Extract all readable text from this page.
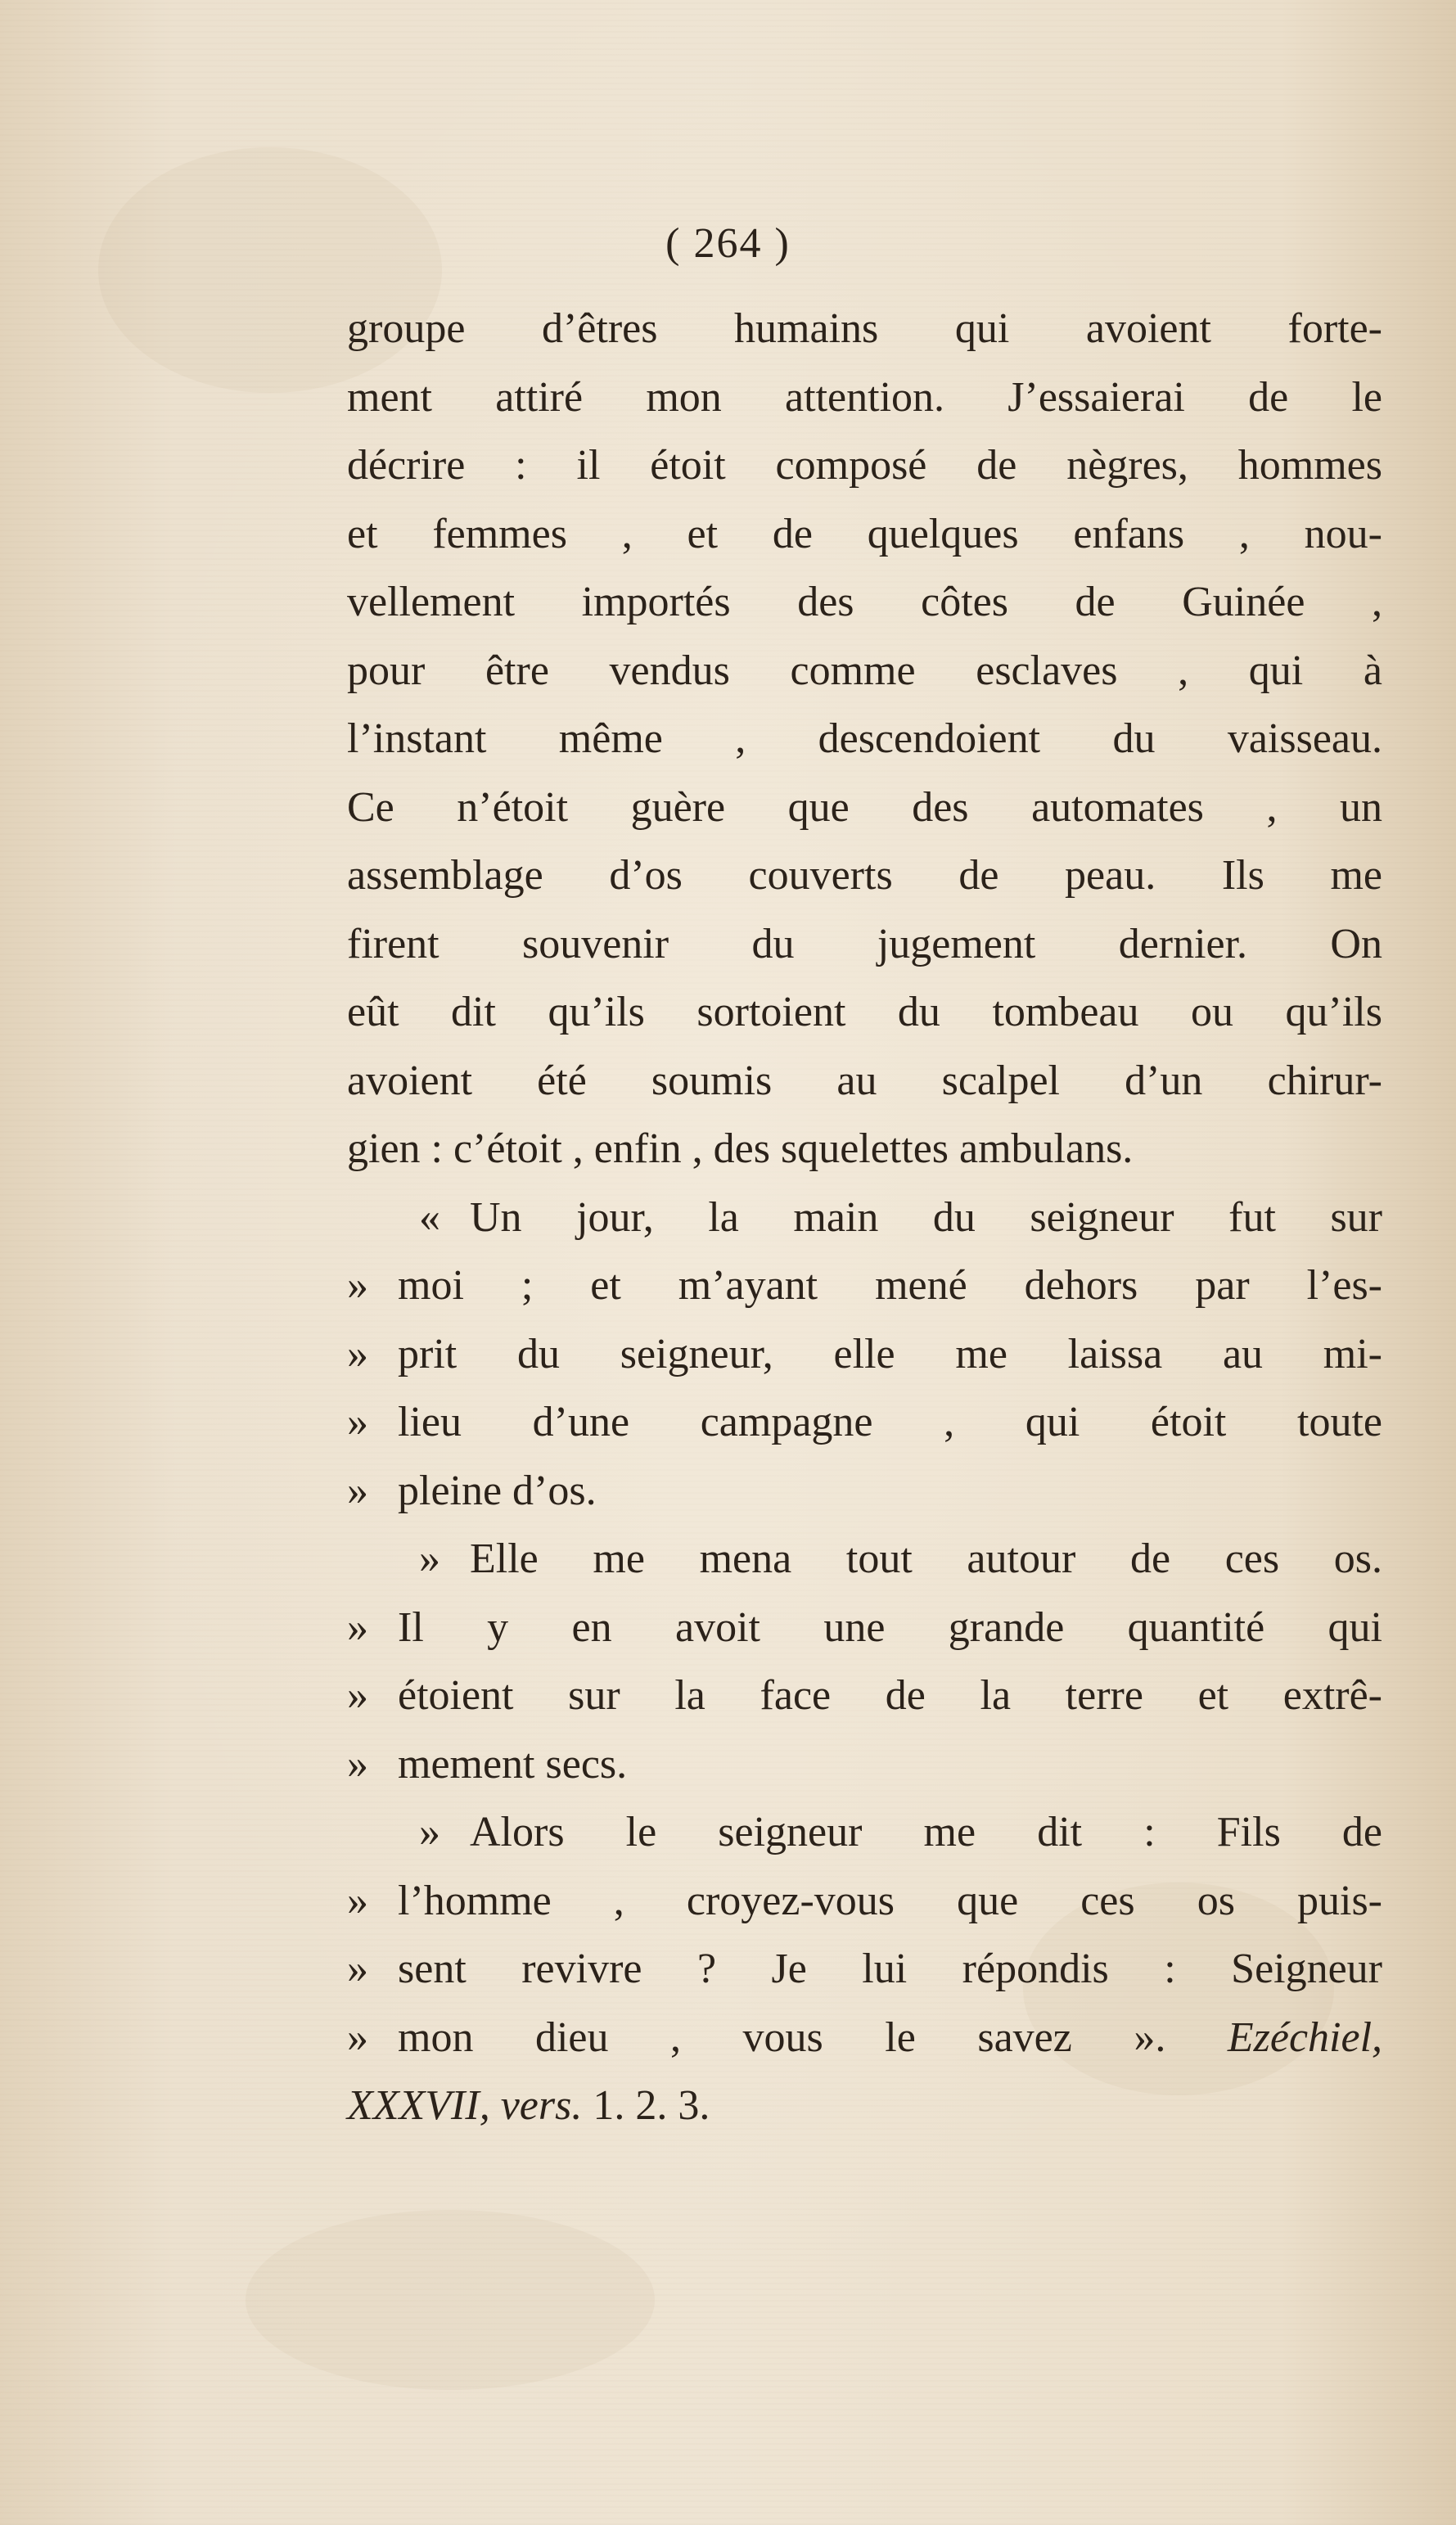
( 264 )
groupe d’êtres humains qui avoient forte-
ment attiré mon attention. J’essaierai de le
décrire : il étoit composé de nègres, hommes
et femmes , et de quelques enfans , nou-
vellement importés des côtes de Guinée ,
pour être vendus comme esclaves , qui à
l’instant même , descendoient du vaisseau.
Ce n’étoit guère que des automates , un
assemblage d’os couverts de peau. Ils me
firent souvenir du jugement dernier. On
eût dit qu’ils sortoient du tombeau ou qu’ils
avoient été soumis au scalpel d’un chirur-
gien : c’étoit , enfin , des squelettes ambulans.
« Un jour, la main du seigneur fut sur
» moi ; et m’ayant mené dehors par l’es-
» prit du seigneur, elle me laissa au mi-
» lieu d’une campagne , qui étoit toute
» pleine d’os.
» Elle me mena tout autour de ces os.
» Il y en avoit une grande quantité qui
» étoient sur la face de la terre et extrê-
» mement secs.
» Alors le seigneur me dit : Fils de
» l’homme , croyez-vous que ces os puis-
» sent revivre ? Je lui répondis : Seigneur
» mon dieu , vous le savez ». Ezéchiel,
XXXVII, vers. 1. 2. 3.
